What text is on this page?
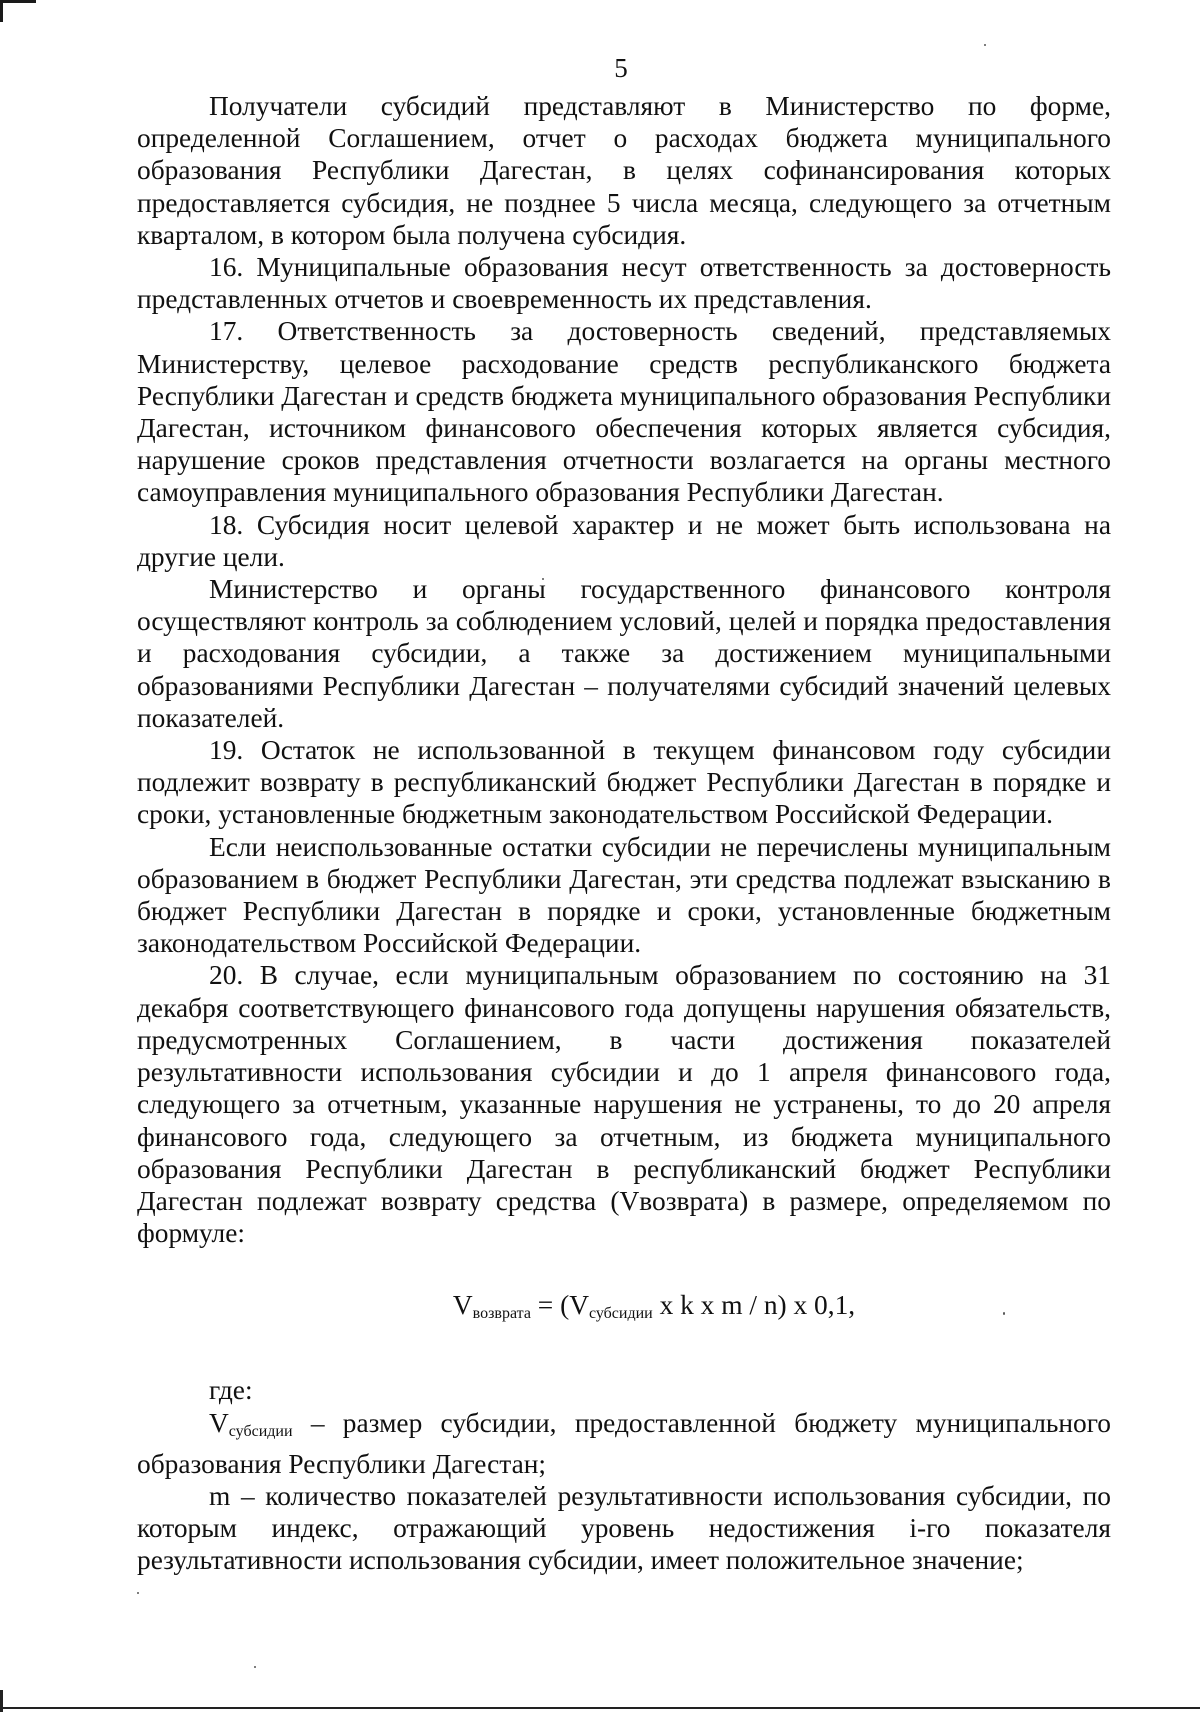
5

Получатели субсидий представляют в Министерство по форме, определенной Соглашением, отчет о расходах бюджета муниципального образования Республики Дагестан, в целях софинансирования которых предоставляется субсидия, не позднее 5 числа месяца, следующего за отчетным кварталом, в котором была получена субсидия.

16. Муниципальные образования несут ответственность за достоверность представленных отчетов и своевременность их представления.

17. Ответственность за достоверность сведений, представляемых Министерству, целевое расходование средств республиканского бюджета Республики Дагестан и средств бюджета муниципального образования Республики Дагестан, источником финансового обеспечения которых является субсидия, нарушение сроков представления отчетности возлагается на органы местного самоуправления муниципального образования Республики Дагестан.

18. Субсидия носит целевой характер и не может быть использована на другие цели.

Министерство и органы государственного финансового контроля осуществляют контроль за соблюдением условий, целей и порядка предоставления и расходования субсидии, а также за достижением муниципальными образованиями Республики Дагестан – получателями субсидий значений целевых показателей.

19. Остаток не использованной в текущем финансовом году субсидии подлежит возврату в республиканский бюджет Республики Дагестан в порядке и сроки, установленные бюджетным законодательством Российской Федерации.

Если неиспользованные остатки субсидии не перечислены муниципальным образованием в бюджет Республики Дагестан, эти средства подлежат взысканию в бюджет Республики Дагестан в порядке и сроки, установленные бюджетным законодательством Российской Федерации.

20. В случае, если муниципальным образованием по состоянию на 31 декабря соответствующего финансового года допущены нарушения обязательств, предусмотренных Соглашением, в части достижения показателей результативности использования субсидии и до 1 апреля финансового года, следующего за отчетным, указанные нарушения не устранены, то до 20 апреля финансового года, следующего за отчетным, из бюджета муниципального образования Республики Дагестан в республиканский бюджет Республики Дагестан подлежат возврату средства (Vвозврата) в размере, определяемом по формуле:

$V_{возврата} = (V_{субсидии}$ x k x m / n) x 0,1,

где:

Vсубсидии – размер субсидии, предоставленной бюджету муниципального образования Республики Дагестан;

m – количество показателей результативности использования субсидии, по которым индекс, отражающий уровень недостижения i-го показателя результативности использования субсидии, имеет положительное значение;
